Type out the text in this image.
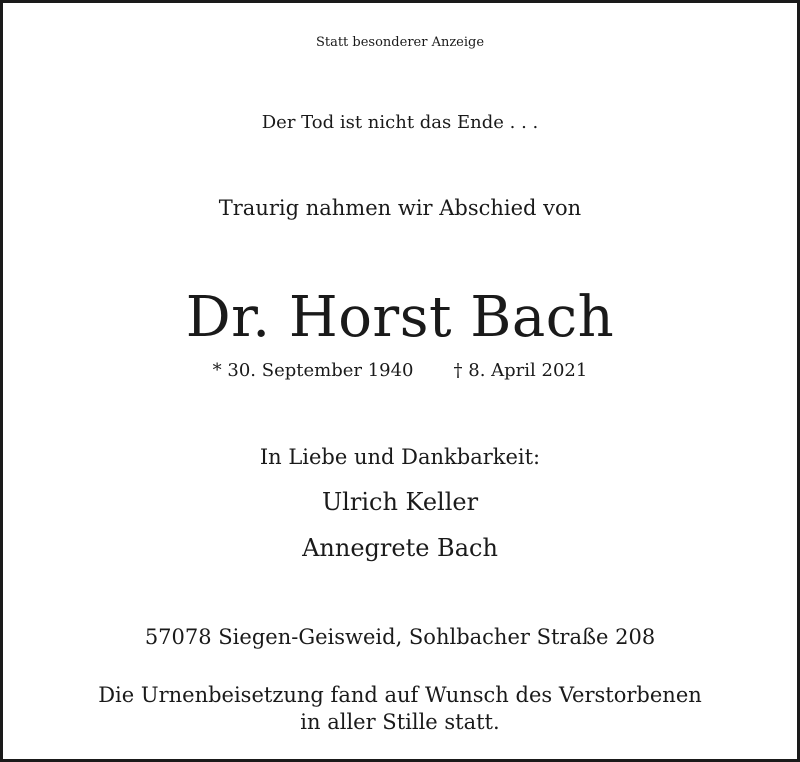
Statt besonderer Anzeige
Der Tod ist nicht das Ende . . .
Traurig nahmen wir Abschied von
Dr. Horst Bach
* 30. September 1940 † 8. April 2021
In Liebe und Dankbarkeit:
Ulrich Keller
Annegrete Bach
57078 Siegen-Geisweid, Sohlbacher Straße 208
Die Urnenbeisetzung fand auf Wunsch des Verstorbenen
in aller Stille statt.
